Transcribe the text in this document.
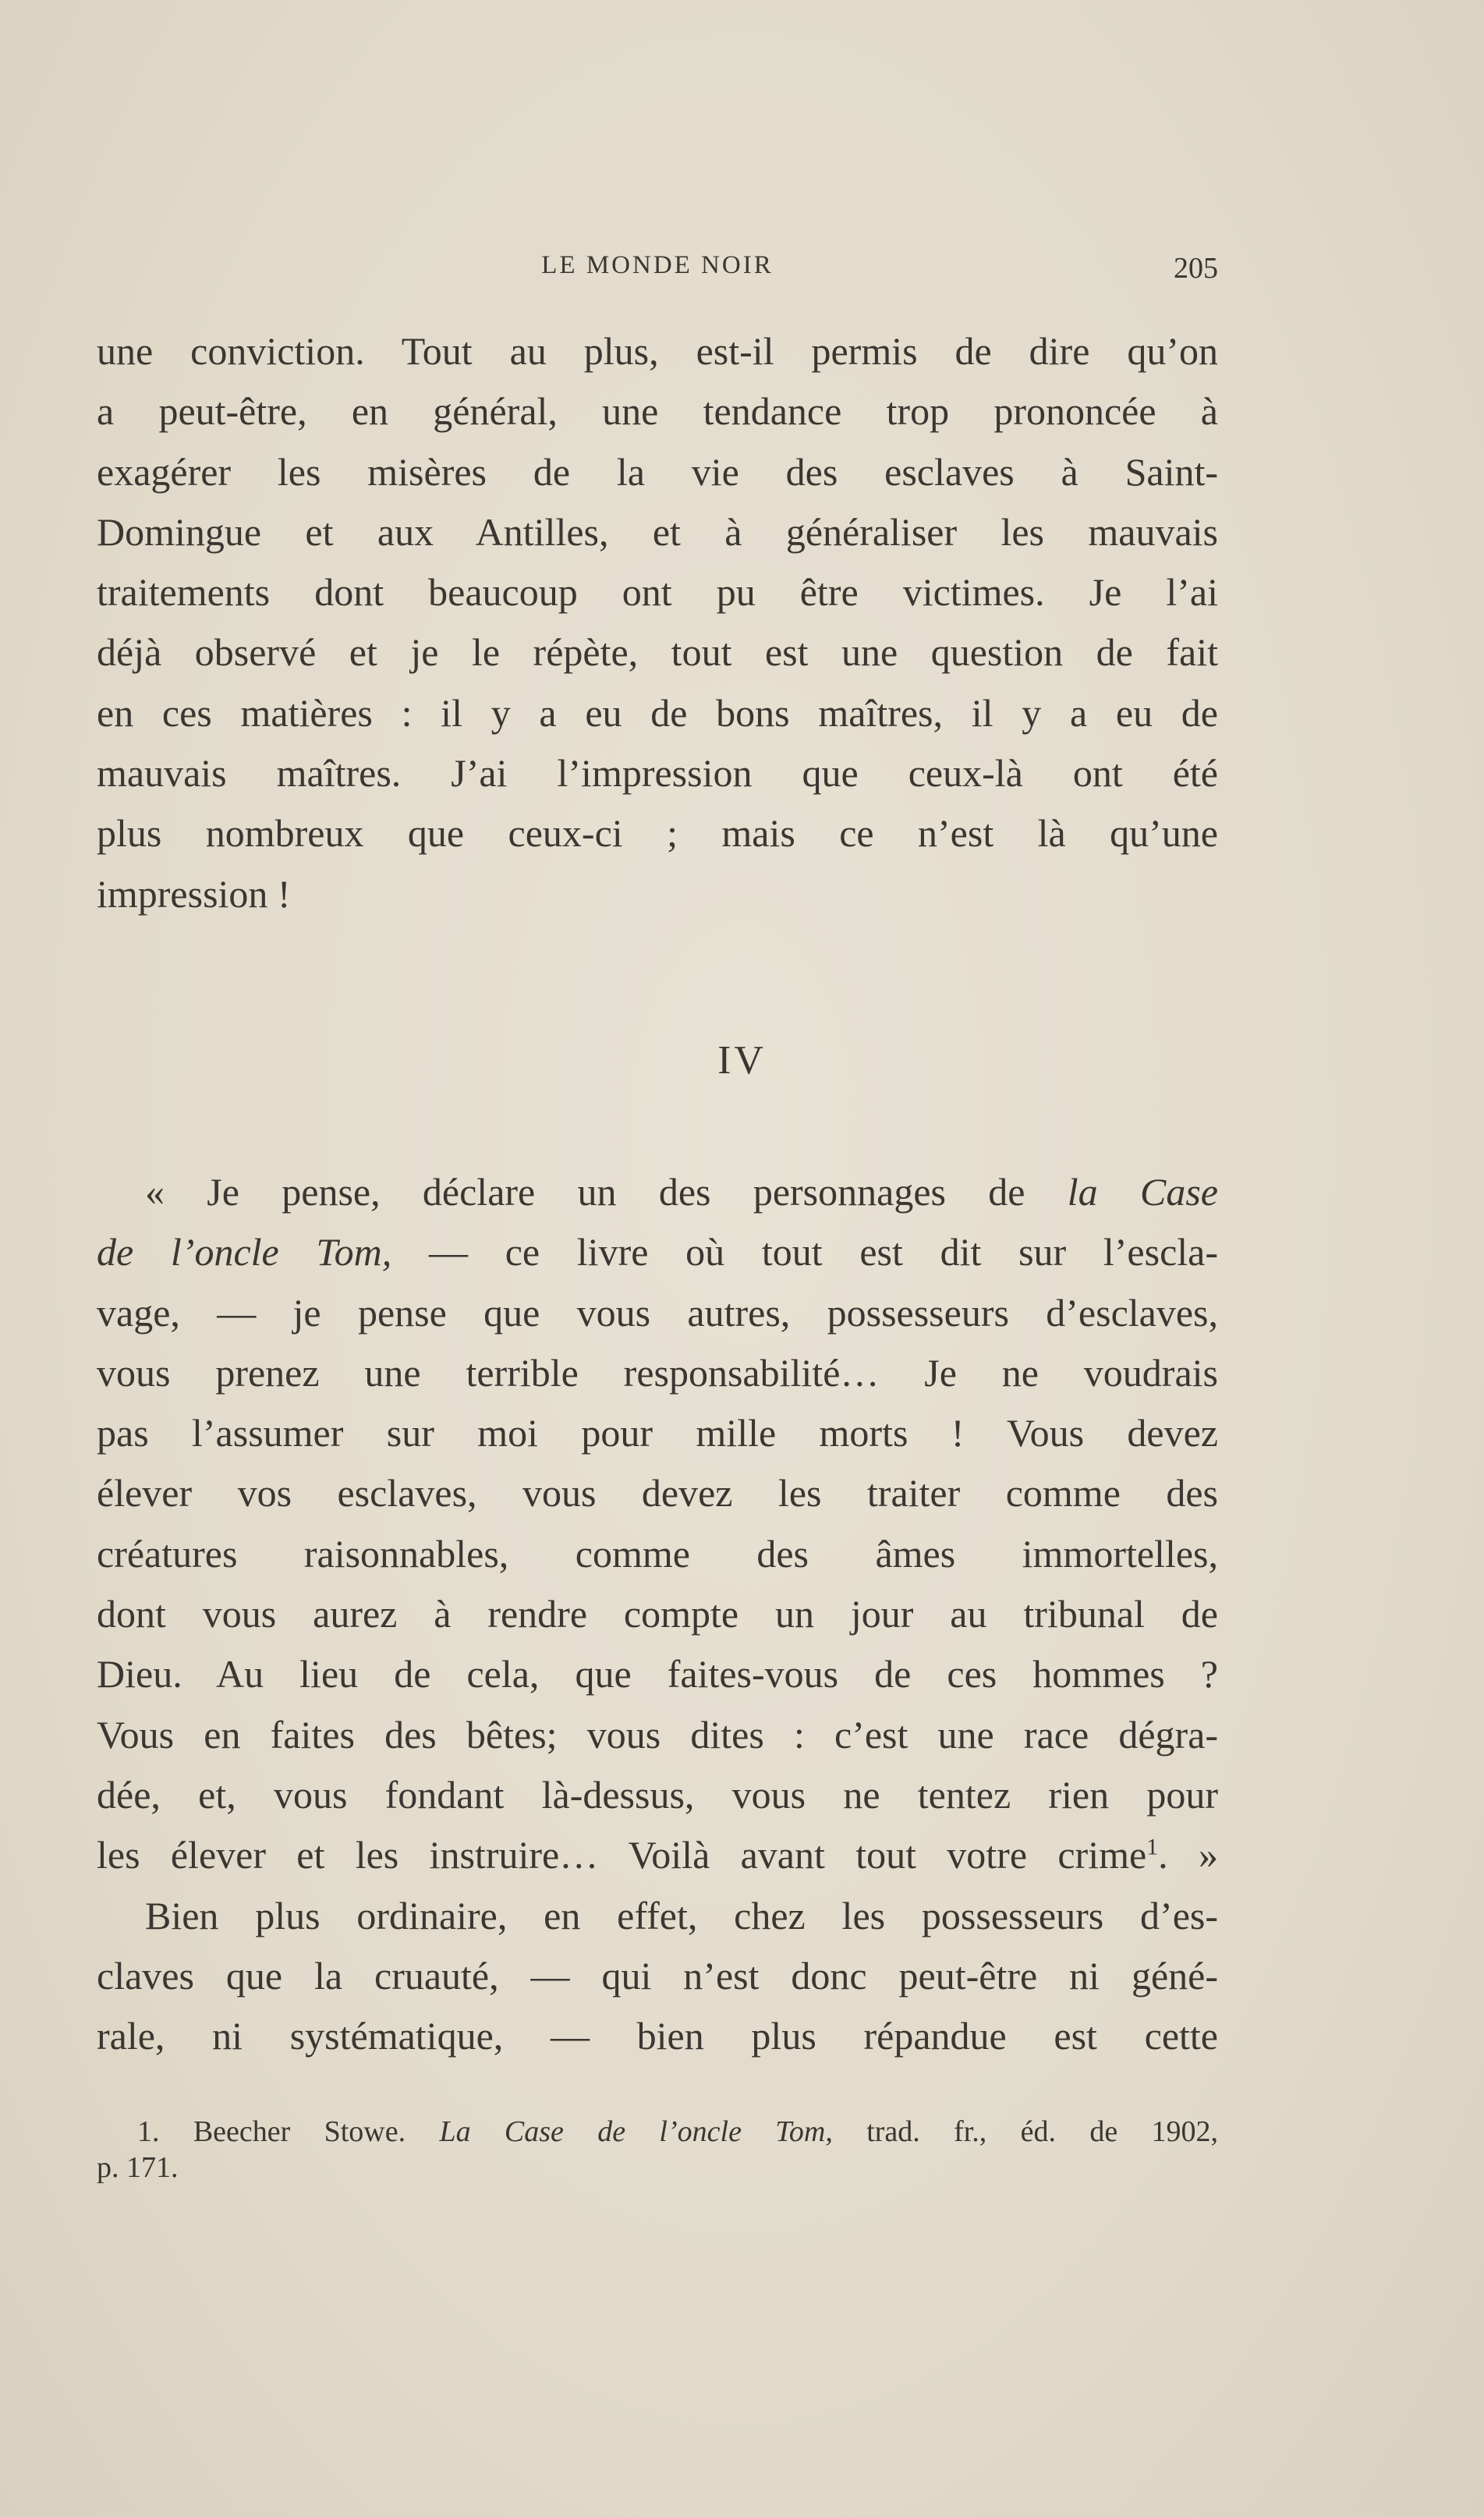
LE MONDE NOIR	205
une conviction. Tout au plus, est-il permis de dire qu’on
a peut-être, en général, une tendance trop prononcée à
exagérer les misères de la vie des esclaves à Saint-
Domingue et aux Antilles, et à généraliser les mauvais
traitements dont beaucoup ont pu être victimes. Je l’ai
déjà observé et je le répète, tout est une question de fait
en ces matières : il y a eu de bons maîtres, il y a eu de
mauvais maîtres. J’ai l’impression que ceux-là ont été
plus nombreux que ceux-ci ; mais ce n’est là qu’une
impression !
IV
« Je pense, déclare un des personnages de la Case
de l’oncle Tom, — ce livre où tout est dit sur l’escla-
vage, — je pense que vous autres, possesseurs d’esclaves,
vous prenez une terrible responsabilité… Je ne voudrais
pas l’assumer sur moi pour mille morts ! Vous devez
élever vos esclaves, vous devez les traiter comme des
créatures raisonnables, comme des âmes immortelles,
dont vous aurez à rendre compte un jour au tribunal de
Dieu. Au lieu de cela, que faites-vous de ces hommes ?
Vous en faites des bêtes; vous dites : c’est une race dégra-
dée, et, vous fondant là-dessus, vous ne tentez rien pour
les élever et les instruire… Voilà avant tout votre crime$^1$. »
Bien plus ordinaire, en effet, chez les possesseurs d’es-
claves que la cruauté, — qui n’est donc peut-être ni géné-
rale, ni systématique, — bien plus répandue est cette
1. Beecher Stowe. La Case de l’oncle Tom, trad. fr., éd. de 1902,
p. 171.
